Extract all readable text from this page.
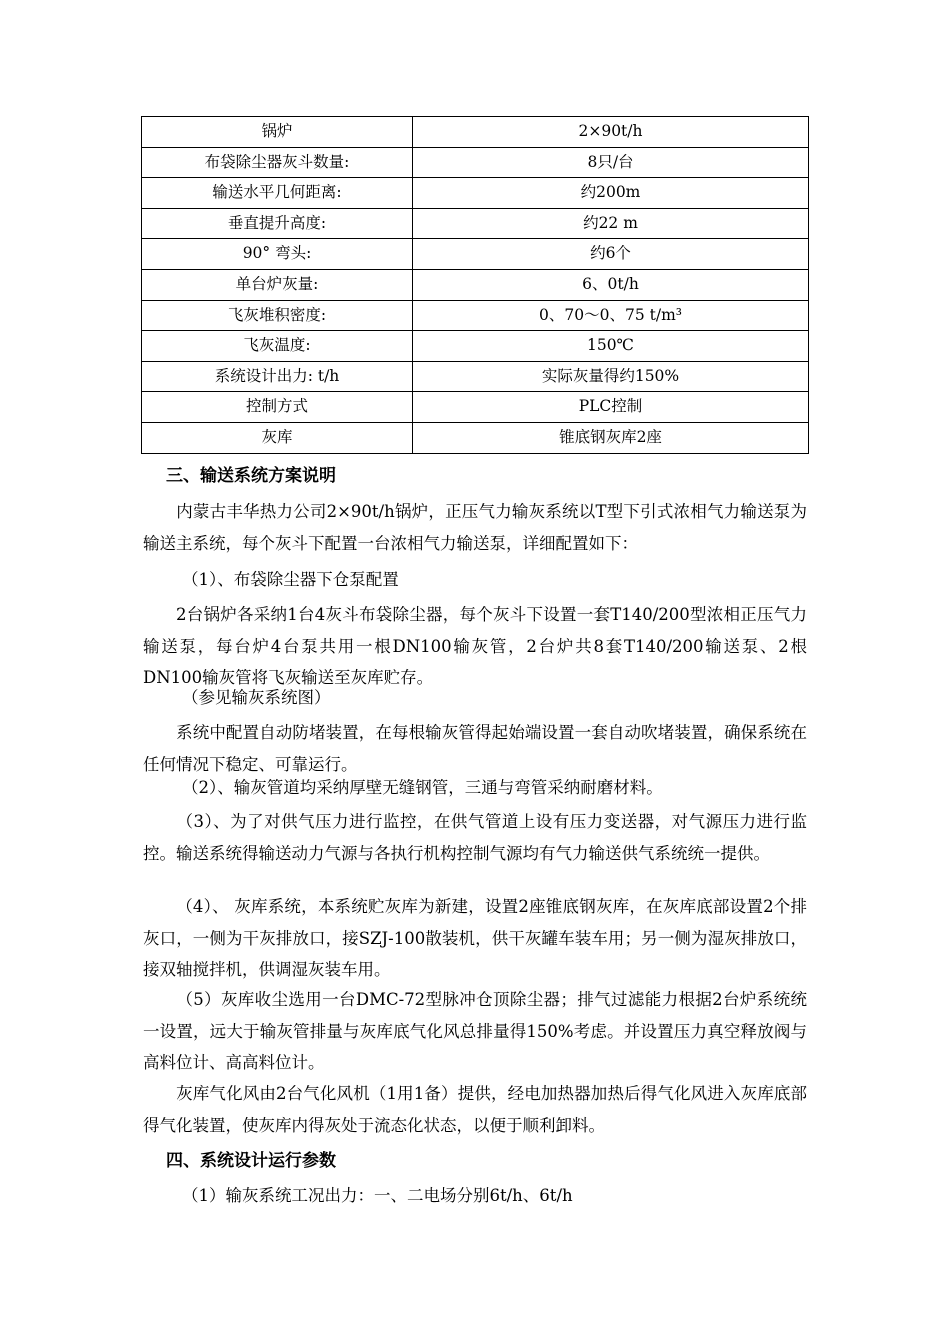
锅炉	2×90t/h
布袋除尘器灰斗数量:	8只/台
输送水平几何距离:	约200m
垂直提升高度:	约22 m
90° 弯头:	约6个
单台炉灰量:	6、0t/h
飞灰堆积密度:	0、70～0、75 t/m³
飞灰温度:	150℃
系统设计出力: t/h	实际灰量得约150%
控制方式	PLC控制
灰库	锥底钢灰库2座
三、输送系统方案说明
内蒙古丰华热力公司2×90t/h锅炉，正压气力输灰系统以T型下引式浓相气力输送泵为输送主系统，每个灰斗下配置一台浓相气力输送泵，详细配置如下：
（1）、布袋除尘器下仓泵配置
2台锅炉各采纳1台4灰斗布袋除尘器，每个灰斗下设置一套T140/200型浓相正压气力输送泵，每台炉4台泵共用一根DN100输灰管，2台炉共8套T140/200输送泵、2根DN100输灰管将飞灰输送至灰库贮存。
（参见输灰系统图）
系统中配置自动防堵装置，在每根输灰管得起始端设置一套自动吹堵装置，确保系统在任何情况下稳定、可靠运行。
（2）、输灰管道均采纳厚壁无缝钢管，三通与弯管采纳耐磨材料。
（3）、为了对供气压力进行监控，在供气管道上设有压力变送器，对气源压力进行监控。输送系统得输送动力气源与各执行机构控制气源均有气力输送供气系统统一提供。
（4）、 灰库系统，本系统贮灰库为新建，设置2座锥底钢灰库，在灰库底部设置2个排灰口，一侧为干灰排放口，接SZJ-100散装机，供干灰罐车装车用；另一侧为湿灰排放口，接双轴搅拌机，供调湿灰装车用。
（5）灰库收尘选用一台DMC-72型脉冲仓顶除尘器；排气过滤能力根据2台炉系统统一设置，远大于输灰管排量与灰库底气化风总排量得150%考虑。并设置压力真空释放阀与高料位计、高高料位计。
灰库气化风由2台气化风机（1用1备）提供，经电加热器加热后得气化风进入灰库底部得气化装置，使灰库内得灰处于流态化状态，以便于顺利卸料。
四、系统设计运行参数
（1）输灰系统工况出力：一、二电场分别6t/h、6t/h
